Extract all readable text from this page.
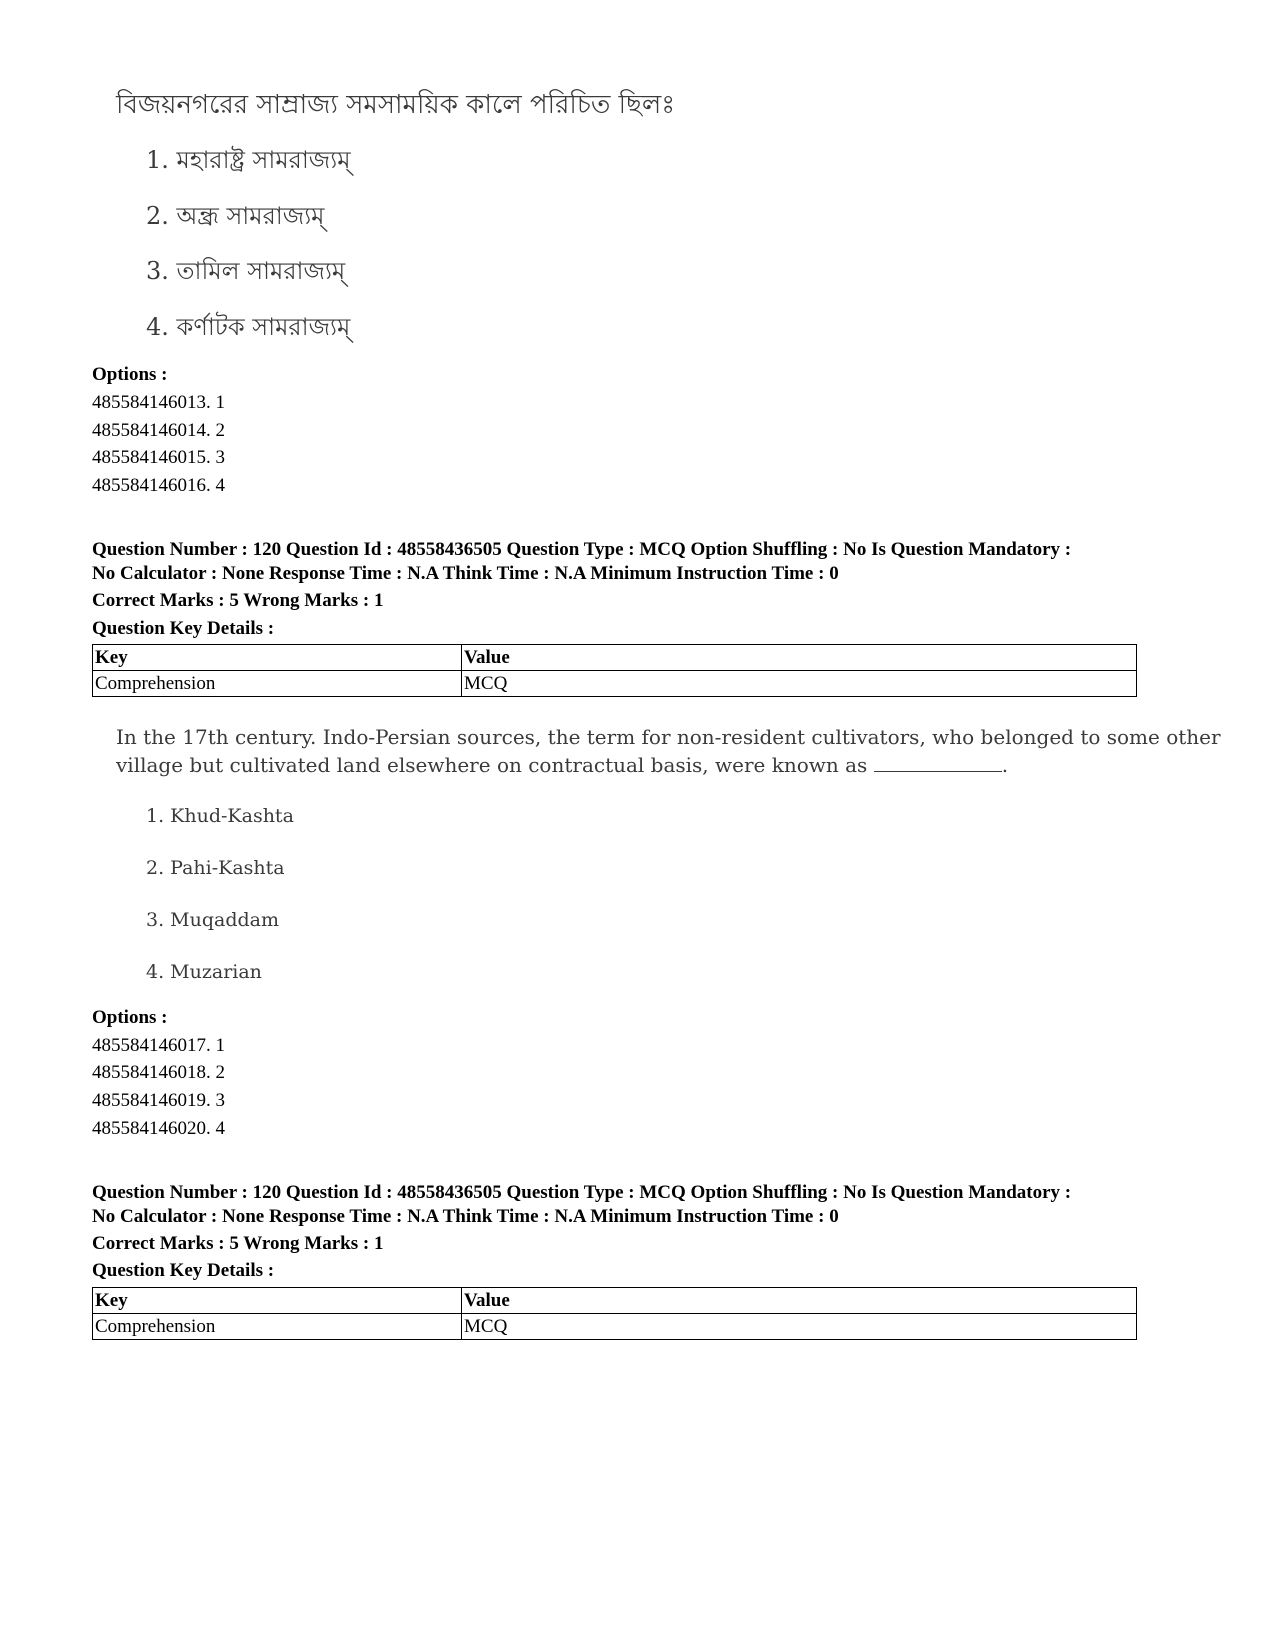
বিজয়নগরের সাম্রাজ্য সমসাময়িক কালে পরিচিত ছিলঃ
1. মহারাষ্ট্র সামরাজ্যম্
2. অন্ধ্র সামরাজ্যম্
3. তামিল সামরাজ্যম্
4. কর্ণাটক সামরাজ্যম্
Options :
485584146013. 1
485584146014. 2
485584146015. 3
485584146016. 4
Question Number : 120 Question Id : 48558436505 Question Type : MCQ Option Shuffling : No Is Question Mandatory :
No Calculator : None Response Time : N.A Think Time : N.A Minimum Instruction Time : 0
Correct Marks : 5 Wrong Marks : 1
Question Key Details :
Key	Value
Comprehension	MCQ
In the 17th century. Indo-Persian sources, the term for non-resident cultivators, who belonged to some other
village but cultivated land elsewhere on contractual basis, were known as	.
1. Khud-Kashta
2. Pahi-Kashta
3. Muqaddam
4. Muzarian
Options :
485584146017. 1
485584146018. 2
485584146019. 3
485584146020. 4
Question Number : 120 Question Id : 48558436505 Question Type : MCQ Option Shuffling : No Is Question Mandatory :
No Calculator : None Response Time : N.A Think Time : N.A Minimum Instruction Time : 0
Correct Marks : 5 Wrong Marks : 1
Question Key Details :
Key	Value
Comprehension	MCQ
